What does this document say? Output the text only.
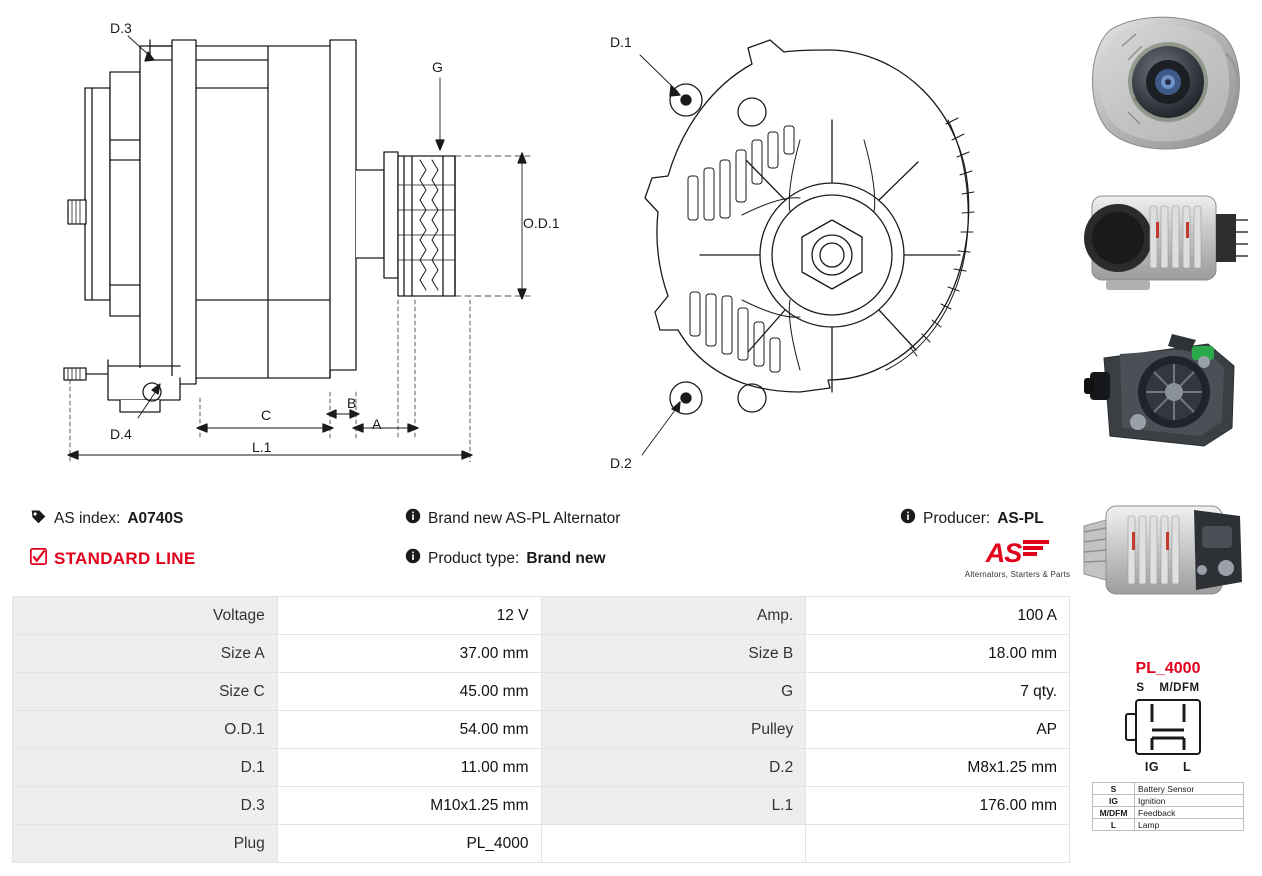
D.3
G
O.D.1
D.4
C
B
A
L.1
D.1
D.2
AS index: A0740S	Brand new AS-PL Alternator	Producer: AS-PL
STANDARD LINE	Product type: Brand new	AS
Alternators, Starters & Parts
Voltage	12 V	Amp.	100 A
Size A	37.00 mm	Size B	18.00 mm
Size C	45.00 mm	G	7 qty.
O.D.1	54.00 mm	Pulley	AP
D.1	11.00 mm	D.2	M8x1.25 mm
D.3	M10x1.25 mm	L.1	176.00 mm
Plug	PL_4000		
PL_4000
S M/DFM
IG L
S	Battery Sensor
IG	Ignition
M/DFM	Feedback
L	Lamp
